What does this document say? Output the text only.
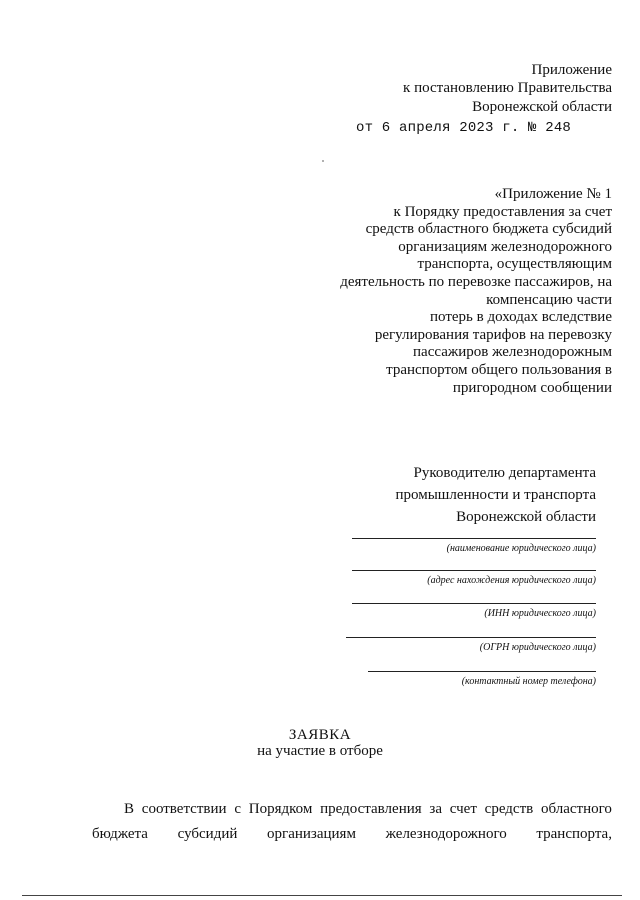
Приложение
к постановлению Правительства
Воронежской области
от 6 апреля 2023 г. № 248
«Приложение № 1
к Порядку предоставления за счет
средств областного бюджета субсидий
организациям железнодорожного
транспорта, осуществляющим
деятельность по перевозке пассажиров, на
компенсацию части
потерь в доходах вследствие
регулирования тарифов на перевозку
пассажиров железнодорожным
транспортом общего пользования в
пригородном сообщении
Руководителю департамента
промышленности и транспорта
Воронежской области
(наименование юридического лица)
(адрес нахождения юридического лица)
(ИНН юридического лица)
(ОГРН юридического лица)
(контактный номер телефона)
ЗАЯВКА
на участие в отборе
В соответствии с Порядком предоставления за счет средств областного
бюджета субсидий организациям железнодорожного транспорта,
